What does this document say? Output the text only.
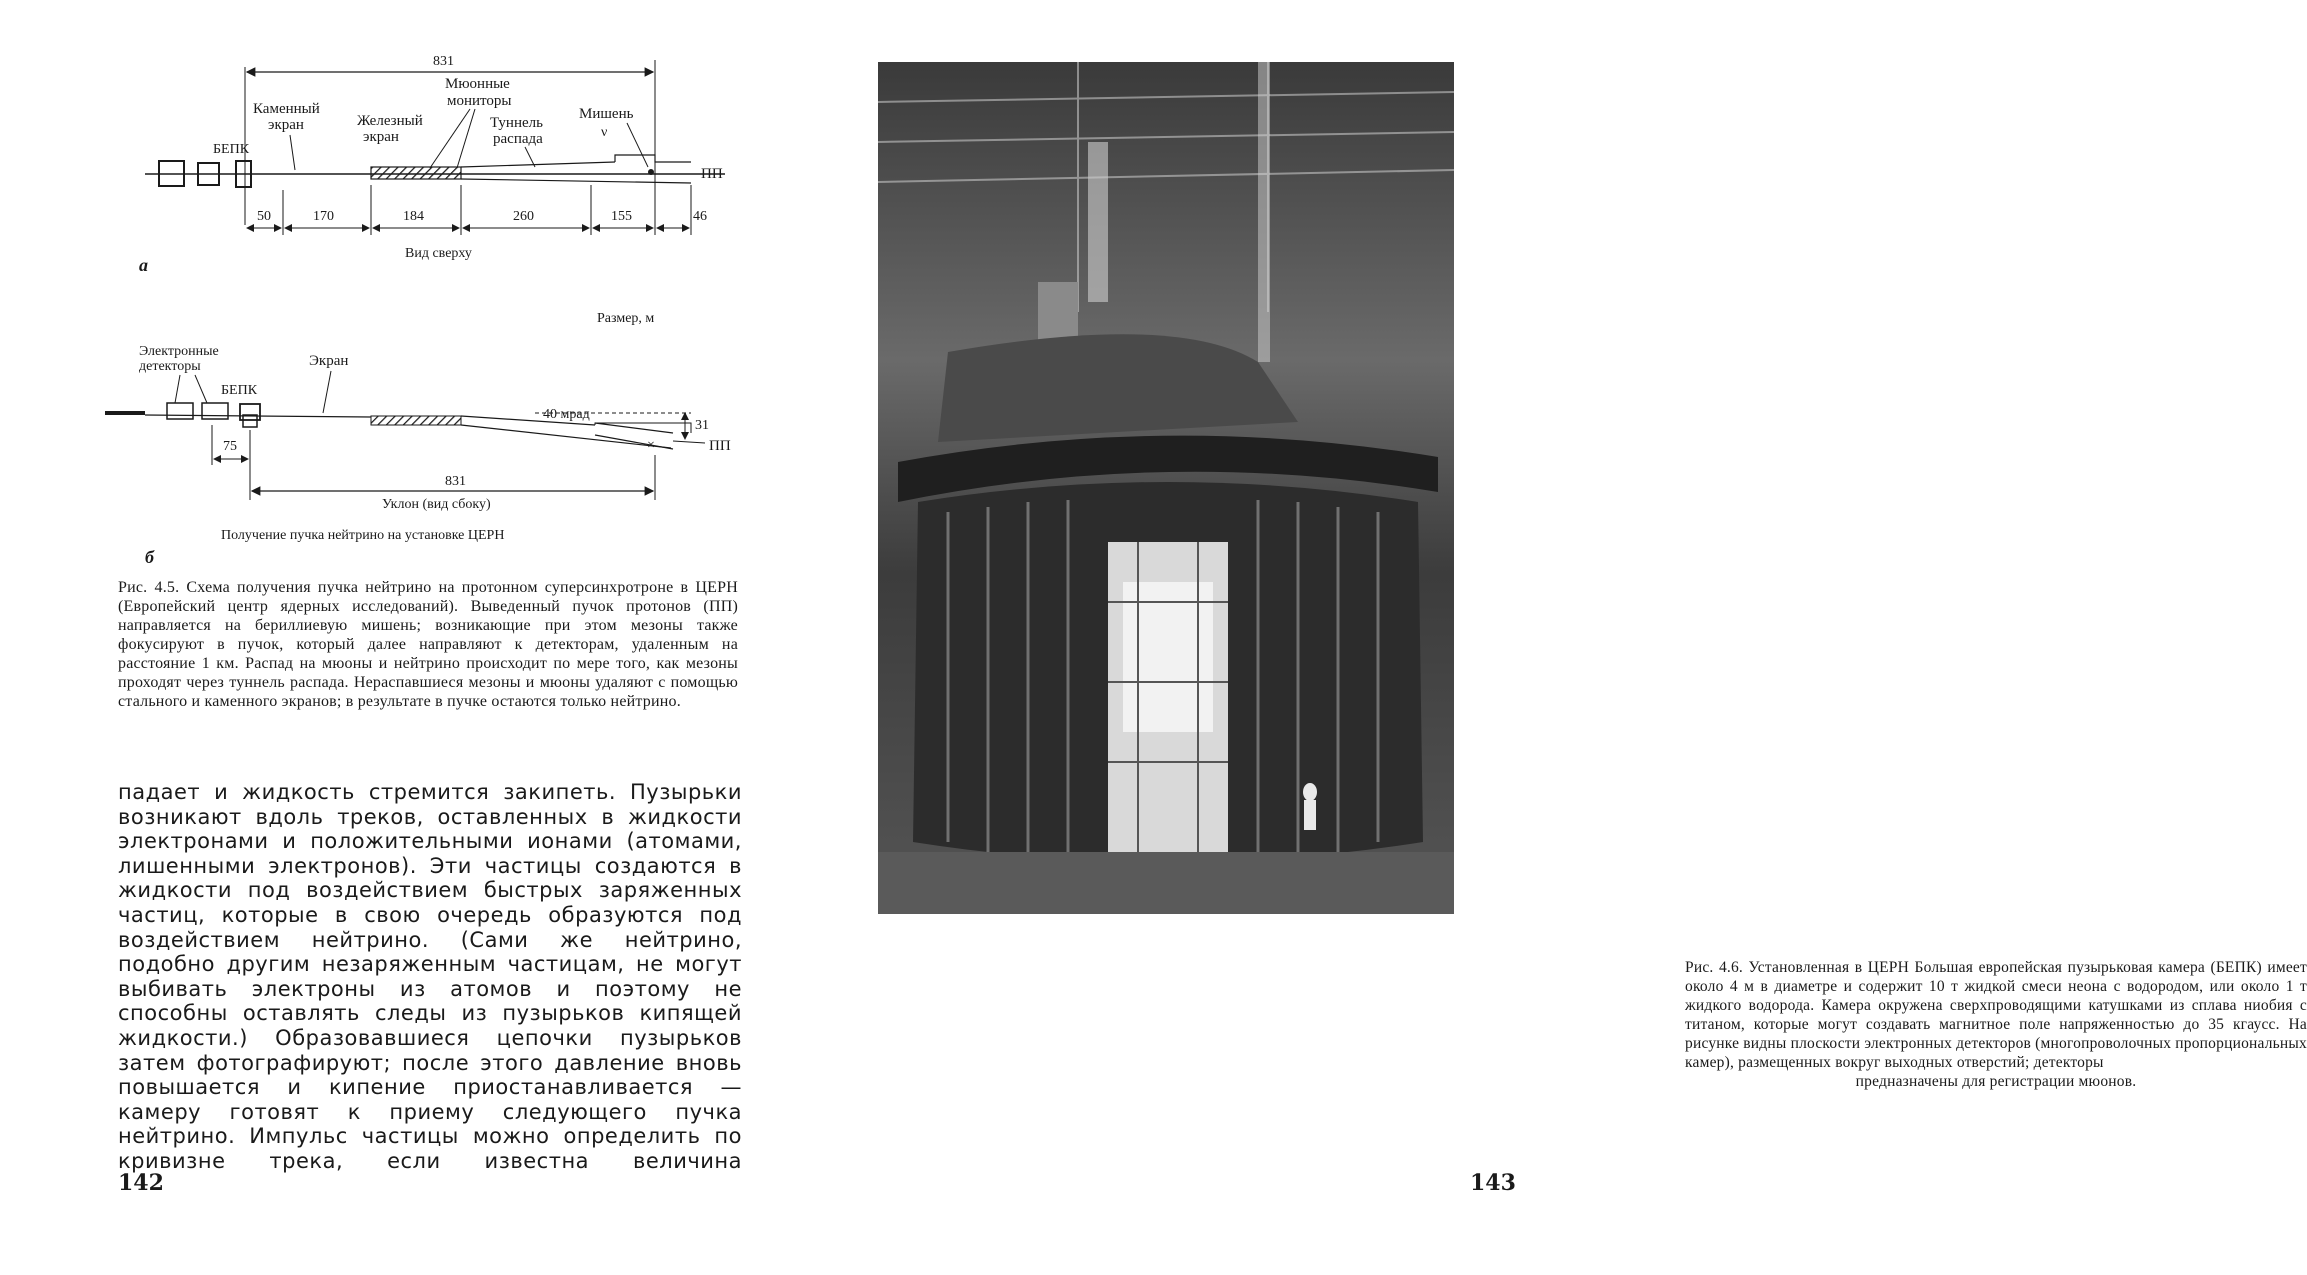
831
БЕПК
ПП
Каменный
экран
Мюонные
мониторы
Железный
экран
Туннель
распада
Мишень
ν
50	170	184	260	155	46
Вид сверху
а
Размер, м
Электронные
детекторы	Экран
БЕПК
40 мрад
×
31
ПП
75
831
Уклон (вид сбоку)
Получение пучка нейтрино на установке ЦЕРН
б
Рис. 4.5. Схема получения пучка нейтрино на протонном суперсинхротроне в ЦЕРН (Европейский центр ядерных исследований). Выведенный пучок протонов (ПП) направляется на бериллиевую мишень; возникающие при этом мезоны также фокусируют в пучок, который далее направляют к детекторам, удаленным на расстояние 1 км. Распад на мюоны и нейтрино происходит по мере того, как мезоны проходят через туннель распада. Нераспавшиеся мезоны и мюоны удаляют с помощью стального и каменного экранов; в результате в пучке остаются только нейтрино.
падает и жидкость стремится закипеть. Пузырьки возникают вдоль треков, оставленных в жидкости электронами и положительными ионами (атомами, лишенными электронов). Эти частицы создаются в жидкости под воздействием быстрых заряженных частиц, которые в свою очередь образуются под воздействием нейтрино. (Сами же нейтрино, подобно другим незаряженным частицам, не могут выбивать электроны из атомов и поэтому не способны оставлять следы из пузырьков кипящей жидкости.) Образовавшиеся цепочки пузырьков затем фотографируют; после этого давление вновь повышается и кипение приостанавливается — камеру готовят к приему следующего пучка нейтрино. Импульс частицы можно определить по кривизне трека, если известна величина
142
Рис. 4.6. Установленная в ЦЕРН Большая европейская пузырьковая камера (БЕПК) имеет около 4 м в диаметре и содержит 10 т жидкой смеси неона с водородом, или около 1 т жидкого водорода. Камера окружена сверхпроводящими катушками из сплава ниобия с титаном, которые могут создавать магнитное поле напряженностью до 35 кгаусс. На рисунке видны плоскости электронных детекторов (многопроволочных пропорциональных камер), размещенных вокруг выходных отверстий; детекторы
предназначены для регистрации мюонов.
143
